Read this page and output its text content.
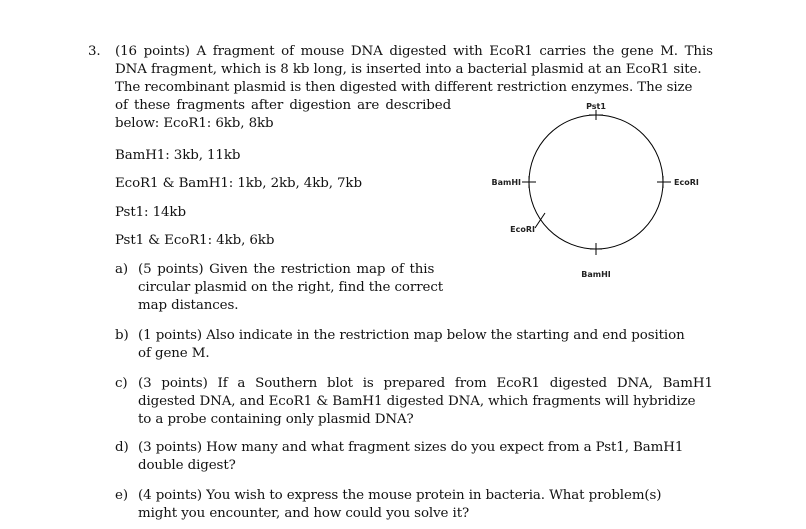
3. (16 points) A fragment of mouse DNA digested with EcoR1 carries the gene M. This
DNA fragment, which is 8 kb long, is inserted into a bacterial plasmid at an EcoR1 site.
The recombinant plasmid is then digested with different restriction enzymes. The size
of these fragments after digestion are described
below: EcoR1: 6kb, 8kb
BamH1: 3kb, 11kb
EcoR1 & BamH1: 1kb, 2kb, 4kb, 7kb
Pst1: 14kb
Pst1 & EcoR1: 4kb, 6kb
a) (5 points) Given the restriction map of this
circular plasmid on the right, find the correct
map distances.
b) (1 points) Also indicate in the restriction map below the starting and end position
of gene M.
c) (3 points) If a Southern blot is prepared from EcoR1 digested DNA, BamH1
digested DNA, and EcoR1 & BamH1 digested DNA, which fragments will hybridize
to a probe containing only plasmid DNA?
d) (3 points) How many and what fragment sizes do you expect from a Pst1, BamH1
double digest?
e) (4 points) You wish to express the mouse protein in bacteria. What problem(s)
might you encounter, and how could you solve it?
Pst1
BamHI	EcoRI
EcoRI
BamHI
